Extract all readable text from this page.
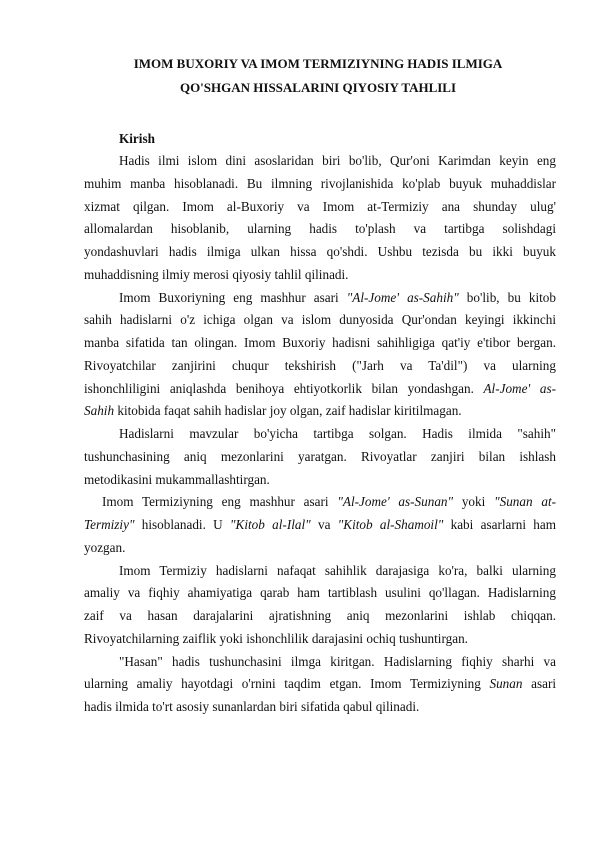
IMOM BUXORIY VA IMOM TERMIZIYNING HADIS ILMIGA
QO'SHGAN HISSALARINI QIYOSIY TAHLILI
Kirish
Hadis ilmi islom dini asoslaridan biri bo'lib, Qur'oni Karimdan keyin eng
muhim manba hisoblanadi. Bu ilmning rivojlanishida ko'plab buyuk muhaddislar
xizmat qilgan. Imom al-Buxoriy va Imom at-Termiziy ana shunday ulug'
allomalardan hisoblanib, ularning hadis to'plash va tartibga solishdagi
yondashuvlari hadis ilmiga ulkan hissa qo'shdi. Ushbu tezisda bu ikki buyuk
muhaddisning ilmiy merosi qiyosiy tahlil qilinadi.
Imom Buxoriyning eng mashhur asari "Al-Jome' as-Sahih" bo'lib, bu kitob
sahih hadislarni o'z ichiga olgan va islom dunyosida Qur'ondan keyingi ikkinchi
manba sifatida tan olingan. Imom Buxoriy hadisni sahihligiga qat'iy e'tibor bergan.
Rivoyatchilar zanjirini chuqur tekshirish ("Jarh va Ta'dil") va ularning
ishonchliligini aniqlashda benihoya ehtiyotkorlik bilan yondashgan. Al-Jome' as-
Sahih kitobida faqat sahih hadislar joy olgan, zaif hadislar kiritilmagan.
Hadislarni mavzular bo'yicha tartibga solgan. Hadis ilmida "sahih"
tushunchasining aniq mezonlarini yaratgan. Rivoyatlar zanjiri bilan ishlash
metodikasini mukammallashtirgan.
Imom Termiziyning eng mashhur asari "Al-Jome' as-Sunan" yoki "Sunan at-
Termiziy" hisoblanadi. U "Kitob al-Ilal" va "Kitob al-Shamoil" kabi asarlarni ham
yozgan.
Imom Termiziy hadislarni nafaqat sahihlik darajasiga ko'ra, balki ularning
amaliy va fiqhiy ahamiyatiga qarab ham tartiblash usulini qo'llagan. Hadislarning
zaif va hasan darajalarini ajratishning aniq mezonlarini ishlab chiqqan.
Rivoyatchilarning zaiflik yoki ishonchlilik darajasini ochiq tushuntirgan.
"Hasan" hadis tushunchasini ilmga kiritgan. Hadislarning fiqhiy sharhi va
ularning amaliy hayotdagi o'rnini taqdim etgan. Imom Termiziyning Sunan asari
hadis ilmida to'rt asosiy sunanlardan biri sifatida qabul qilinadi.
